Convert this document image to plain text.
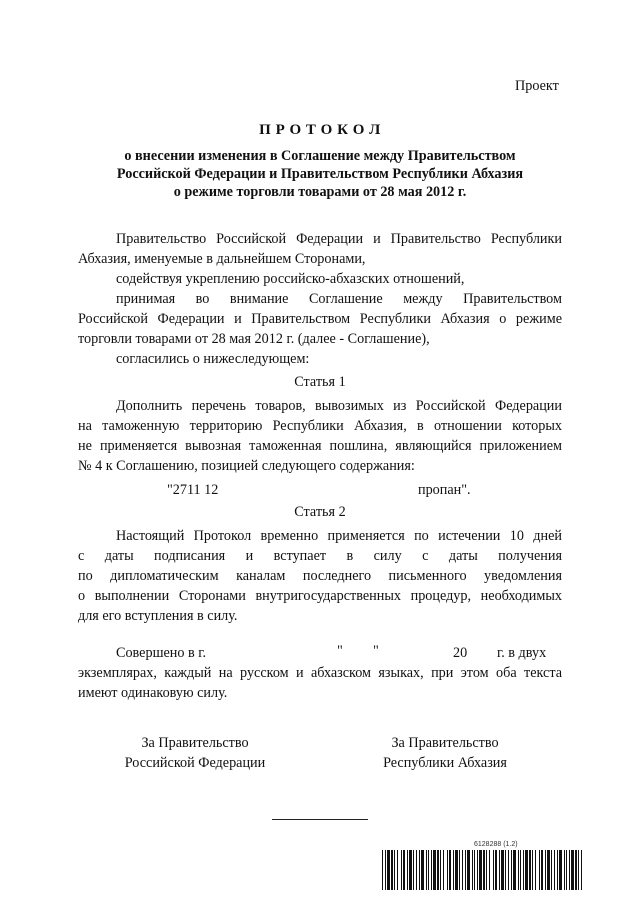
Проект
П Р О Т О К О Л
о внесении изменения в Соглашение между Правительством
Российской Федерации и Правительством Республики Абхазия
о режиме торговли товарами от 28 мая 2012 г.
Правительство Российской Федерации и Правительство Республики
Абхазия, именуемые в дальнейшем Сторонами,
содействуя укреплению российско-абхазских отношений,
принимая во внимание Соглашение между Правительством
Российской Федерации и Правительством Республики Абхазия о режиме
торговли товарами от 28 мая 2012 г. (далее - Соглашение),
согласились о нижеследующем:
Статья 1
Дополнить перечень товаров, вывозимых из Российской Федерации
на таможенную территорию Республики Абхазия, в отношении которых
не применяется вывозная таможенная пошлина, являющийся приложением
№ 4 к Соглашению, позицией следующего содержания:
"2711 12	пропан".
Статья 2
Настоящий Протокол временно применяется по истечении 10 дней
с даты подписания и вступает в силу с даты получения
по дипломатическим каналам последнего письменного уведомления
о выполнении Сторонами внутригосударственных процедур, необходимых
для его вступления в силу.
Совершено в г.	" "	20 г. в двух
экземплярах, каждый на русском и абхазском языках, при этом оба текста
имеют одинаковую силу.
За Правительство
Российской Федерации
За Правительство
Республики Абхазия
6128288 (1.2)
